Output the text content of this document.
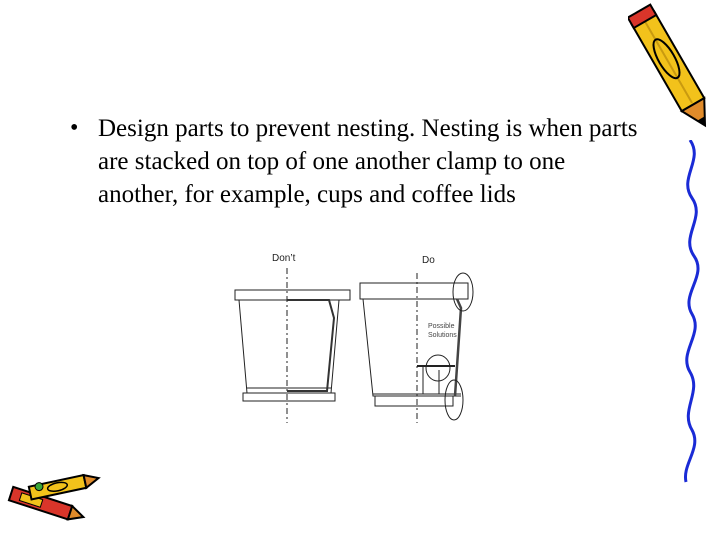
• Design parts to prevent nesting. Nesting is when parts are stacked on top of one another clamp to one another, for example, cups and coffee lids
Don’t	Do
Possible Solutions
